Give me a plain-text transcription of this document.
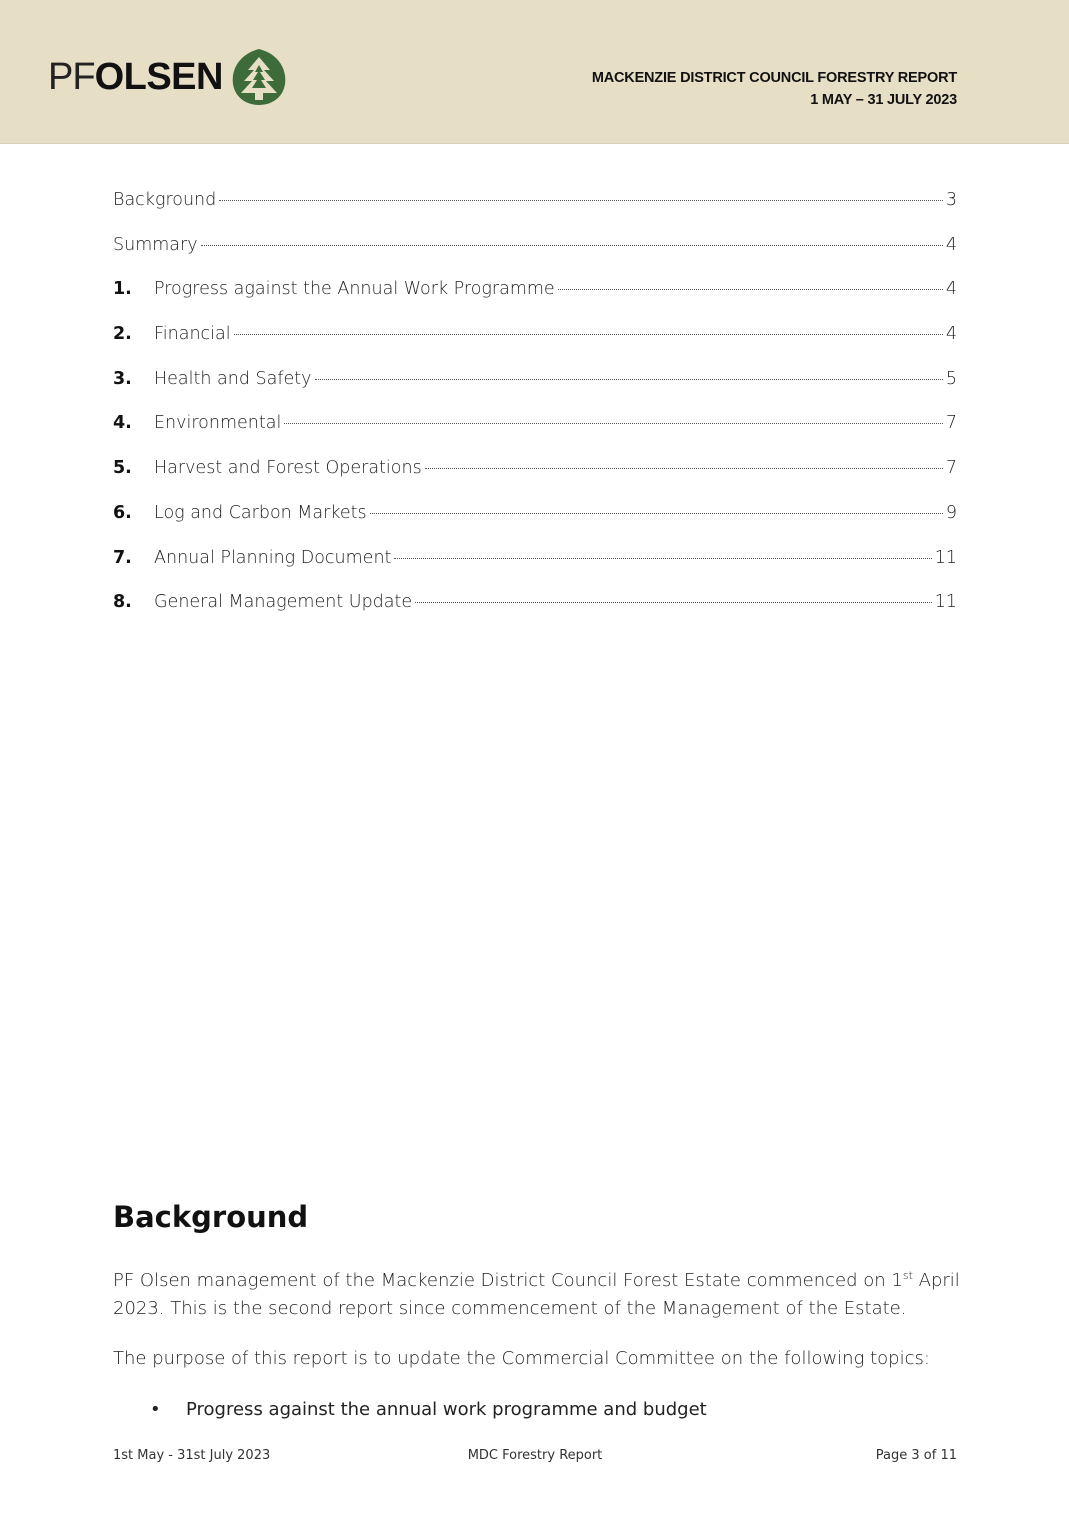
PF OLSEN	MACKENZIE DISTRICT COUNCIL FORESTRY REPORT
1 MAY – 31 JULY 2023
Background	3
Summary	4
1.	Progress against the Annual Work Programme	4
2.	Financial	4
3.	Health and Safety	5
4.	Environmental	7
5.	Harvest and Forest Operations	7
6.	Log and Carbon Markets	9
7.	Annual Planning Document	11
8.	General Management Update	11
Background

PF Olsen management of the Mackenzie District Council Forest Estate commenced on 1st April 2023. This is the second report since commencement of the Management of the Estate.

The purpose of this report is to update the Commercial Committee on the following topics:

•	Progress against the annual work programme and budget
1st May - 31st July 2023	MDC Forestry Report	Page 3 of 11
